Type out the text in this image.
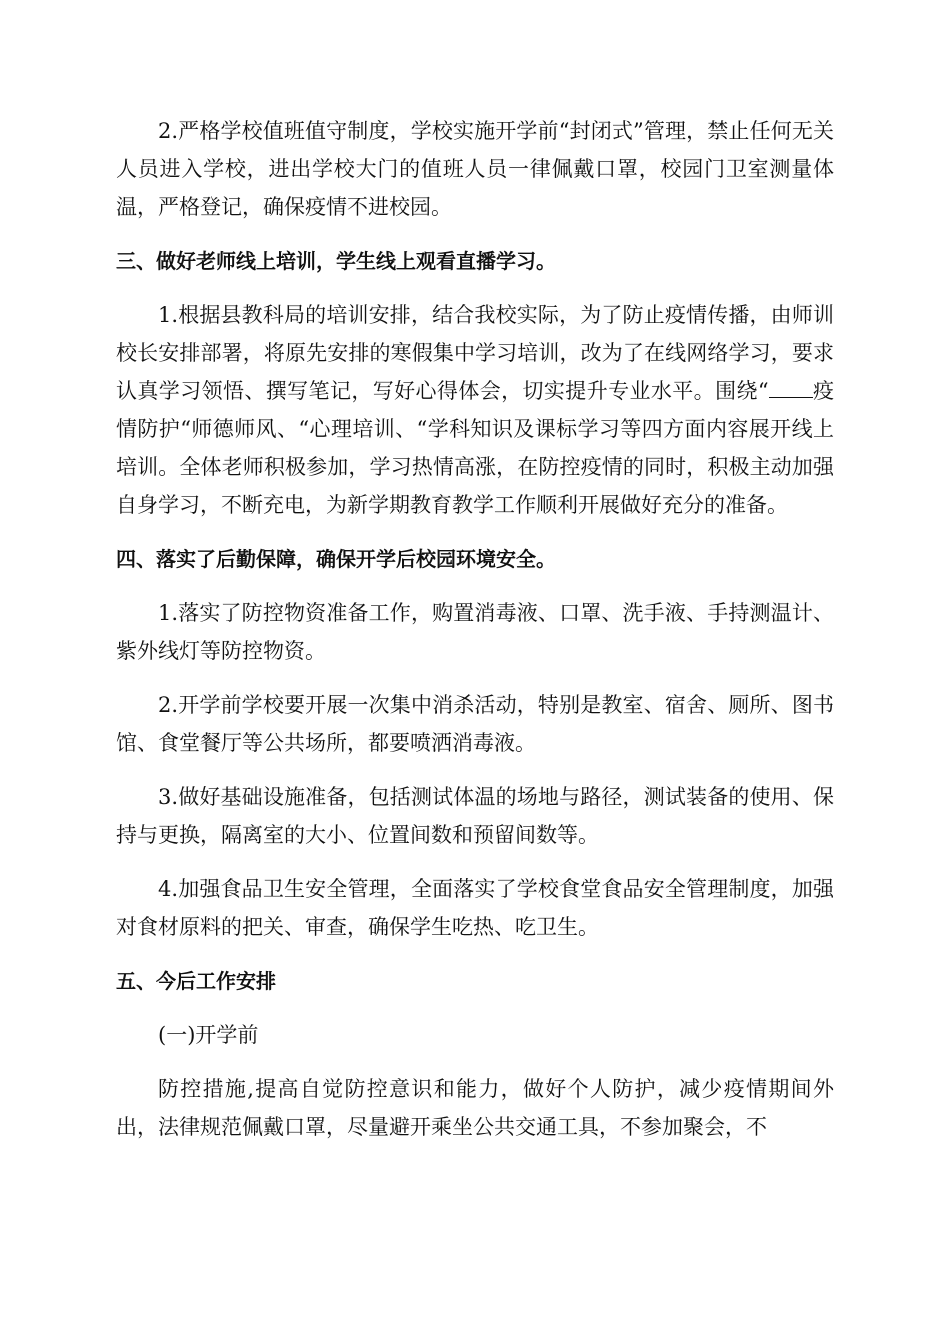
2.严格学校值班值守制度，学校实施开学前“封闭式”管理，禁止任何无关人员进入学校，进出学校大门的值班人员一律佩戴口罩，校园门卫室测量体温，严格登记，确保疫情不进校园。

三、做好老师线上培训，学生线上观看直播学习。

1.根据县教科局的培训安排，结合我校实际，为了防止疫情传播，由师训校长安排部署，将原先安排的寒假集中学习培训，改为了在线网络学习，要求认真学习领悟、撰写笔记，写好心得体会，切实提升专业水平。围绕“ 疫情防护“师德师风、“心理培训、“学科知识及课标学习等四方面内容展开线上培训。全体老师积极参加，学习热情高涨，在防控疫情的同时，积极主动加强自身学习，不断充电，为新学期教育教学工作顺利开展做好充分的准备。

四、落实了后勤保障，确保开学后校园环境安全。

1.落实了防控物资准备工作，购置消毒液、口罩、洗手液、手持测温计、紫外线灯等防控物资。

2.开学前学校要开展一次集中消杀活动，特别是教室、宿舍、厕所、图书馆、食堂餐厅等公共场所，都要喷洒消毒液。

3.做好基础设施准备，包括测试体温的场地与路径，测试装备的使用、保持与更换，隔离室的大小、位置间数和预留间数等。

4.加强食品卫生安全管理，全面落实了学校食堂食品安全管理制度，加强对食材原料的把关、审查，确保学生吃热、吃卫生。

五、今后工作安排

(一)开学前

防控措施,提高自觉防控意识和能力，做好个人防护，减少疫情期间外出，法律规范佩戴口罩，尽量避开乘坐公共交通工具，不参加聚会，不
